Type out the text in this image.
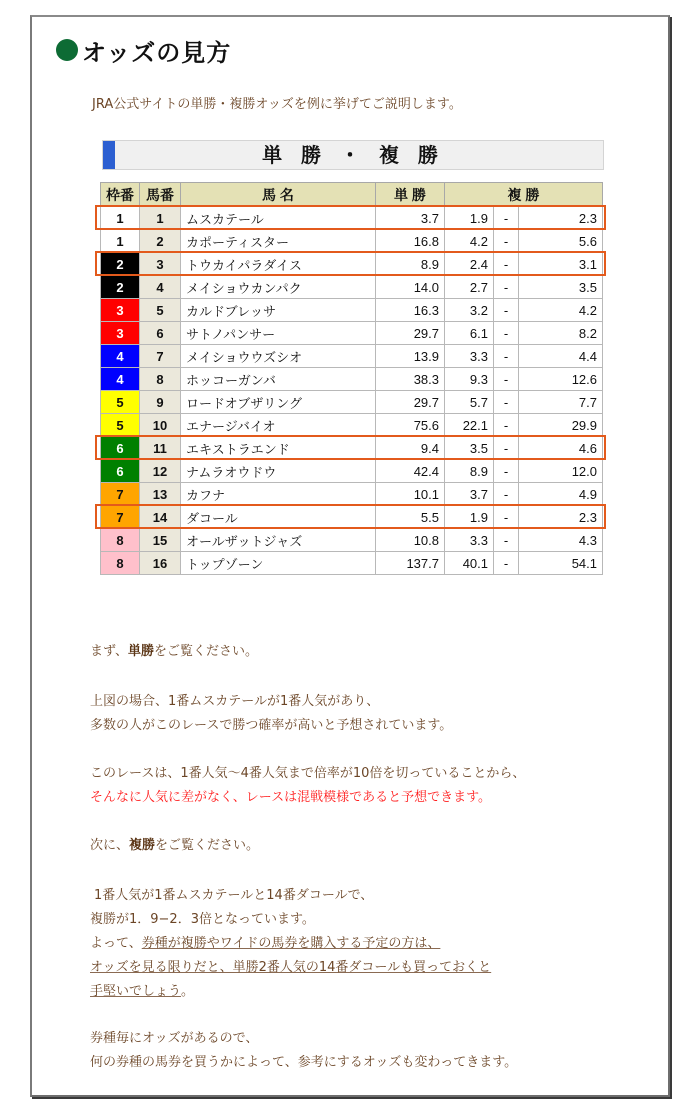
オッズの見方
JRA公式サイトの単勝・複勝オッズを例に挙げてご説明します。
単 勝 ・ 複 勝
枠番	馬番	馬 名	単 勝	複 勝		
1	1	ムスカテール	3.7	1.9	-	2.3
1	2	カポーティスター	16.8	4.2	-	5.6
2	3	トウカイパラダイス	8.9	2.4	-	3.1
2	4	メイショウカンパク	14.0	2.7	-	3.5
3	5	カルドブレッサ	16.3	3.2	-	4.2
3	6	サトノパンサー	29.7	6.1	-	8.2
4	7	メイショウウズシオ	13.9	3.3	-	4.4
4	8	ホッコーガンバ	38.3	9.3	-	12.6
5	9	ロードオブザリング	29.7	5.7	-	7.7
5	10	エナージバイオ	75.6	22.1	-	29.9
6	11	エキストラエンド	9.4	3.5	-	4.6
6	12	ナムラオウドウ	42.4	8.9	-	12.0
7	13	カフナ	10.1	3.7	-	4.9
7	14	ダコール	5.5	1.9	-	2.3
8	15	オールザットジャズ	10.8	3.3	-	4.3
8	16	トップゾーン	137.7	40.1	-	54.1
まず、単勝をご覧ください。
上図の場合、1番ムスカテールが1番人気があり、
多数の人がこのレースで勝つ確率が高いと予想されています。
このレースは、1番人気～4番人気まで倍率が10倍を切っていることから、
そんなに人気に差がなく、レースは混戦模様であると予想できます。
次に、複勝をご覧ください。
1番人気が1番ムスカテールと14番ダコールで、
複勝が1．9−2．3倍となっています。
よって、券種が複勝やワイドの馬券を購入する予定の方は、
オッズを見る限りだと、単勝2番人気の14番ダコールも買っておくと
手堅いでしょう。
券種毎にオッズがあるので、
何の券種の馬券を買うかによって、参考にするオッズも変わってきます。
